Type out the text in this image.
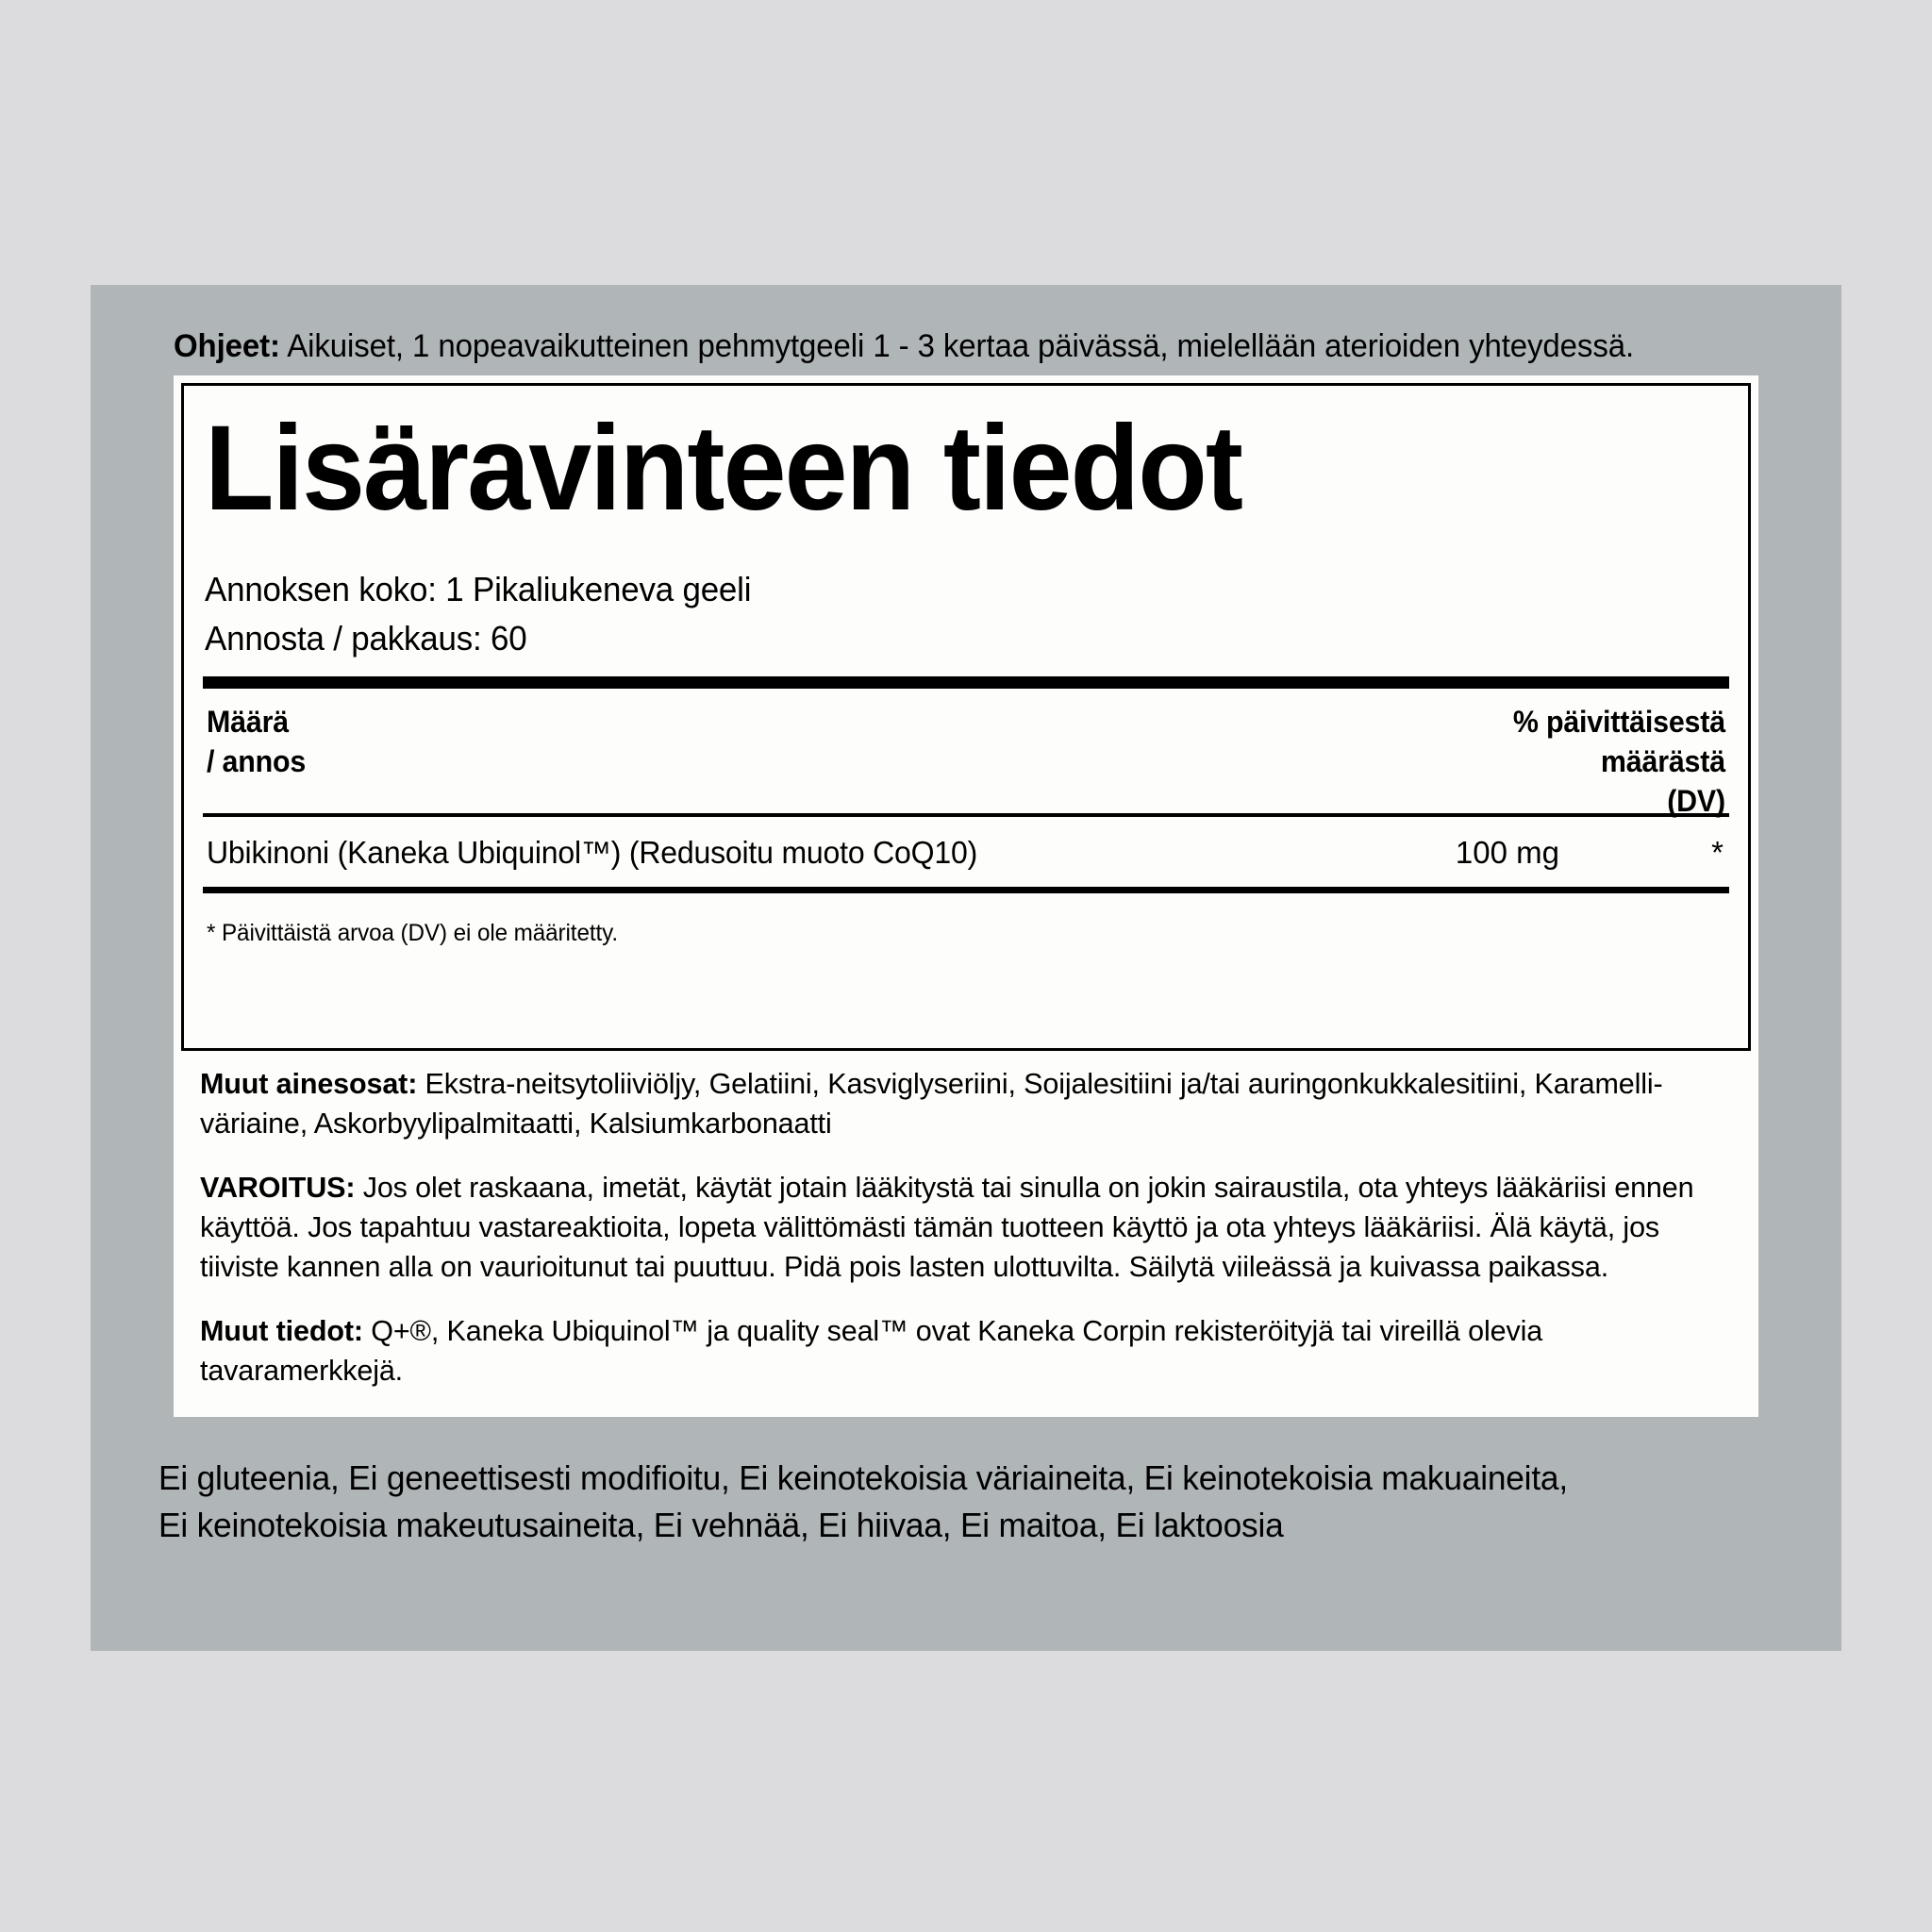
Ohjeet: Aikuiset, 1 nopeavaikutteinen pehmytgeeli 1 - 3 kertaa päivässä, mielellään aterioiden yhteydessä.
Lisäravinteen tiedot
Annoksen koko: 1 Pikaliukeneva geeli
Annosta / pakkaus: 60
Määrä
/ annos
% päivittäisestä
määrästä
(DV)
Ubikinoni (Kaneka Ubiquinol™) (Redusoitu muoto CoQ10)	100 mg	*
* Päivittäistä arvoa (DV) ei ole määritetty.
Muut ainesosat: Ekstra-neitsytoliiviöljy, Gelatiini, Kasviglyseriini, Soijalesitiini ja/tai auringonkukkalesitiini, Karamelli-väriaine, Askorbyylipalmitaatti, Kalsiumkarbonaatti
VAROITUS: Jos olet raskaana, imetät, käytät jotain lääkitystä tai sinulla on jokin sairaustila, ota yhteys lääkäriisi ennen käyttöä. Jos tapahtuu vastareaktioita, lopeta välittömästi tämän tuotteen käyttö ja ota yhteys lääkäriisi. Älä käytä, jos tiiviste kannen alla on vaurioitunut tai puuttuu. Pidä pois lasten ulottuvilta. Säilytä viileässä ja kuivassa paikassa.
Muut tiedot: Q+®, Kaneka Ubiquinol™ ja quality seal™ ovat Kaneka Corpin rekisteröityjä tai vireillä olevia tavaramerkkejä.
Ei gluteenia, Ei geneettisesti modifioitu, Ei keinotekoisia väriaineita, Ei keinotekoisia makuaineita,
Ei keinotekoisia makeutusaineita, Ei vehnää, Ei hiivaa, Ei maitoa, Ei laktoosia
